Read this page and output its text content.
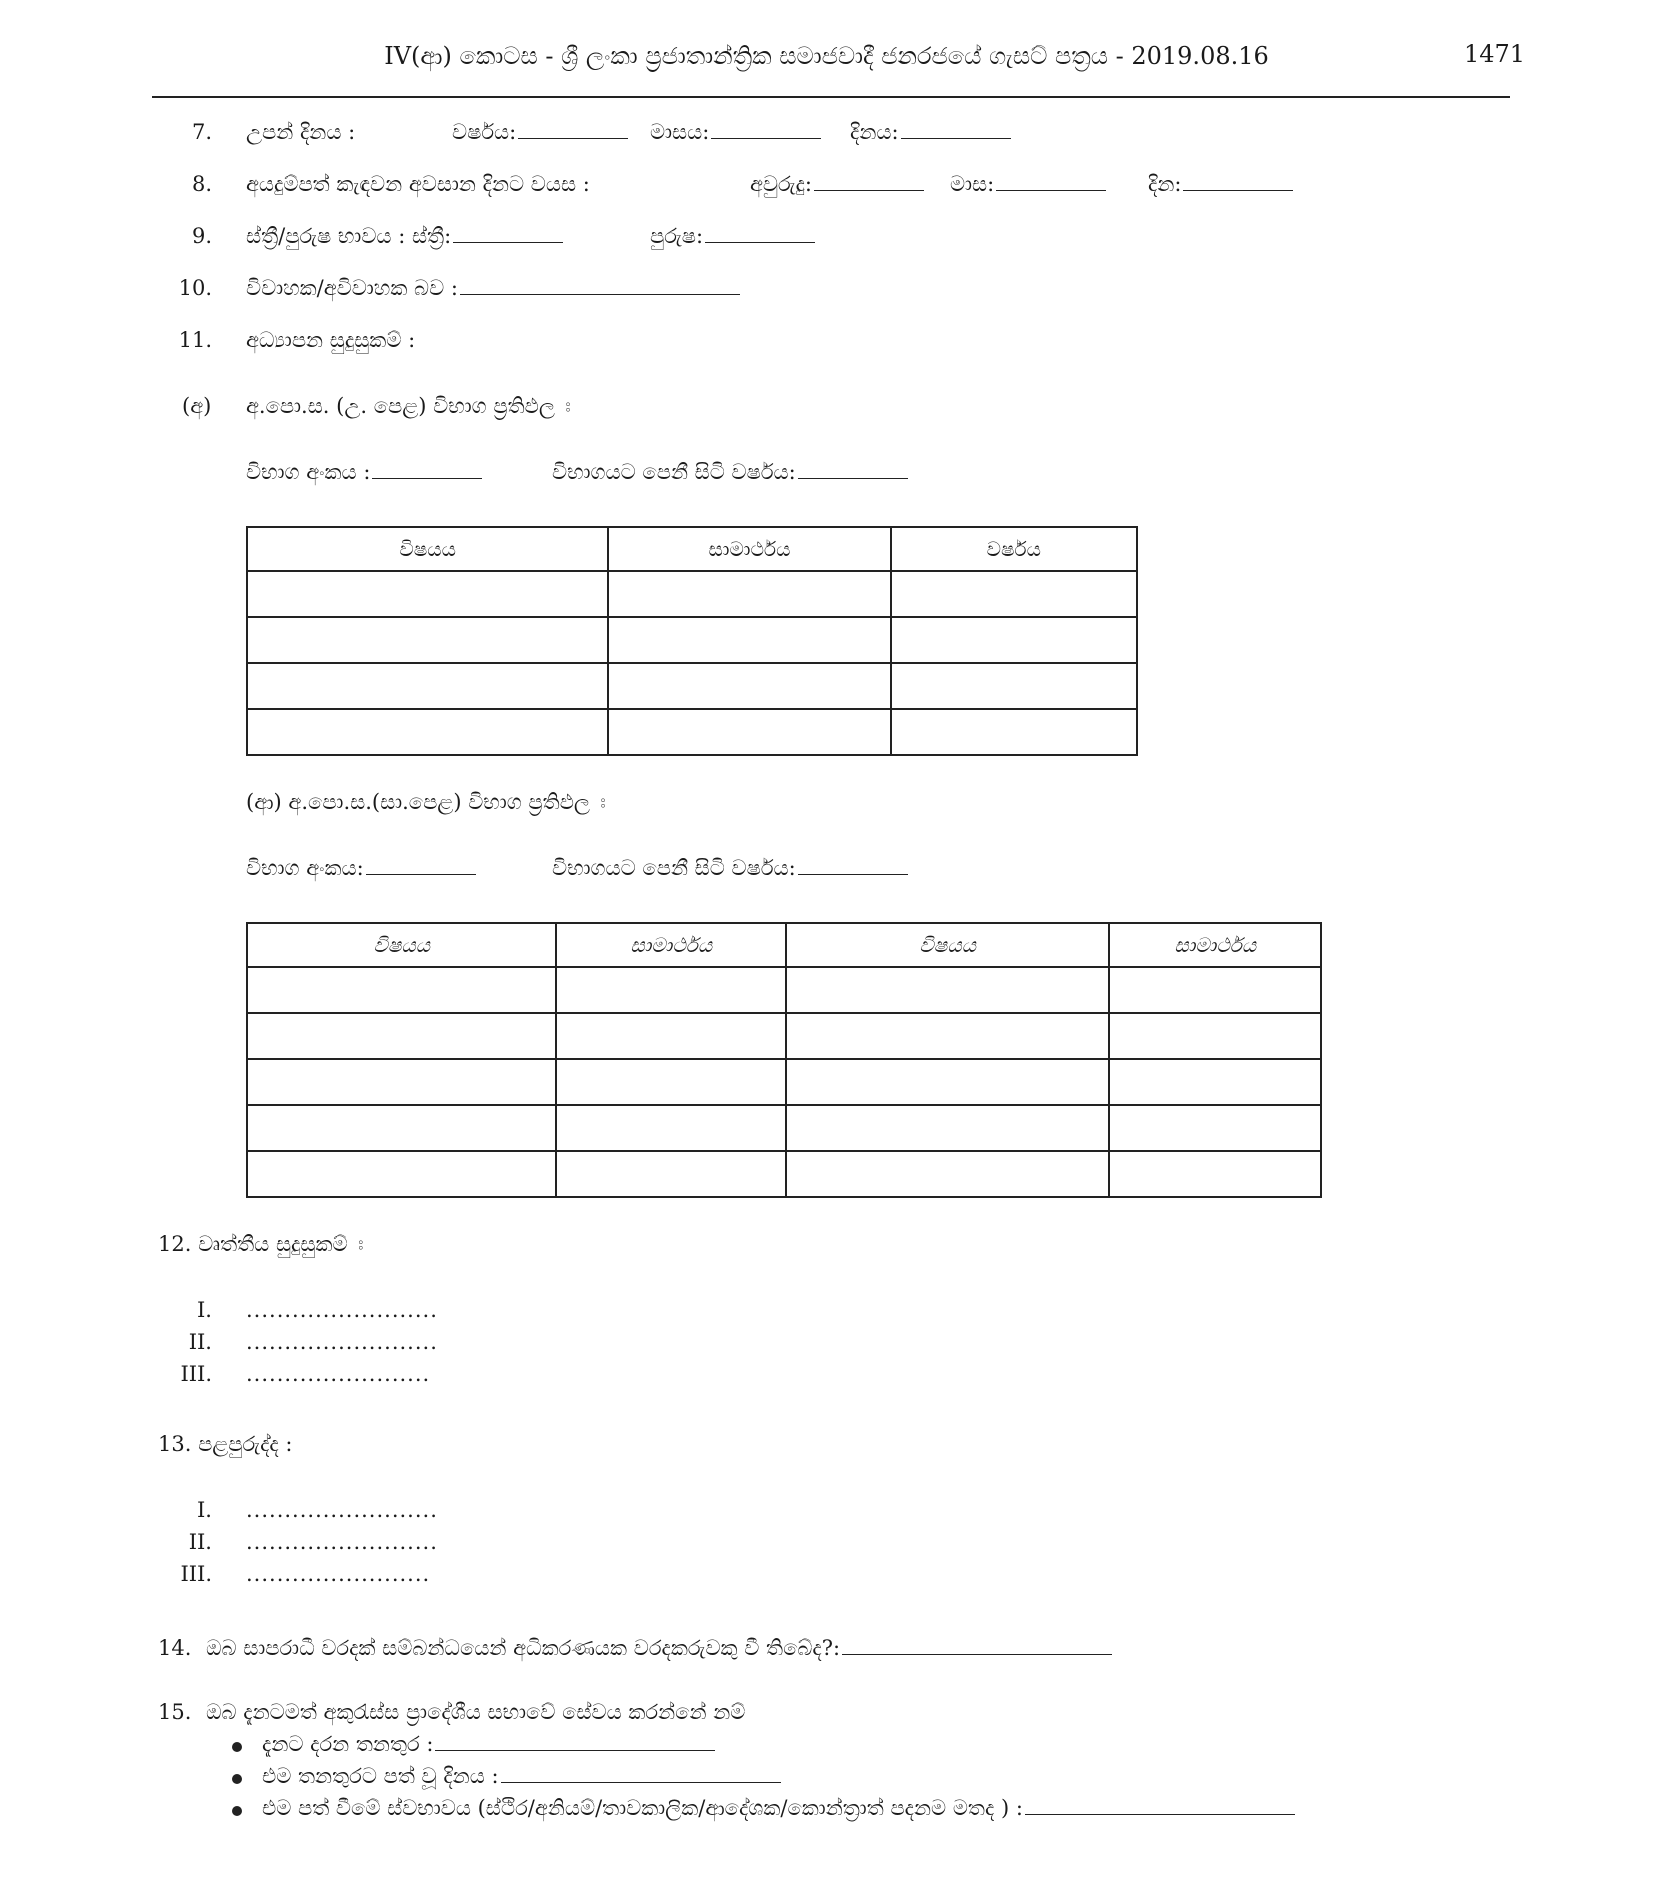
IV(ආ) කොටස - ශ්‍රී ලංකා ප්‍රජාතාන්ත්‍රික සමාජවාදී ජනරජයේ ගැසට් පත්‍රය - 2019.08.16	1471
7. උපන් දිනය :	වර්ෂය:	මාසය:	දිනය:
8. අයදුම්පත් කැඳවන අවසාන දිනට වයස :	අවුරුදු:	මාස:	දින:
9. ස්ත්‍රී/පුරුෂ භාවය : ස්ත්‍රී:	පුරුෂ:
10. විවාහක/අවිවාහක බව :
11. අධ්‍යාපන සුදුසුකම් :
(අ) අ.පො.ස. (උ. පෙළ) විභාග ප්‍රතිඵල ඃ
විභාග අංකය :	විභාගයට පෙනී සිටි වර්ෂය:
විෂයය	සාමාර්ථය	වර්ෂය

(ආ) අ.පො.ස.(සා.පෙළ) විභාග ප්‍රතිඵල ඃ
විභාග අංකය:	විභාගයට පෙනී සිටි වර්ෂය:
විෂයය	සාමාර්ථය	විෂයය	සාමාර්ථය

12. වෘත්තීය සුදුසුකම් ඃ
I. .........................
II. .........................
III. ........................
13. පළපුරුද්ද :
I. .........................
II. .........................
III. ........................
14. ඔබ සාපරාධී වරදක් සම්බන්ධයෙන් අධිකරණයක වරදකරුවකු වී තිබේද?:
15. ඔබ දැනටමත් අකුරැස්ස ප්‍රාදේශීය සභාවේ සේවය කරන්නේ නම්
දැනට දරන තනතුර :
එම තනතුරට පත් වූ දිනය :
එම පත් වීමේ ස්වභාවය (ස්ථිර/අනියම්/තාවකාලික/ආදේශක/කොන්ත්‍රාත් පදනම මතද ) :
